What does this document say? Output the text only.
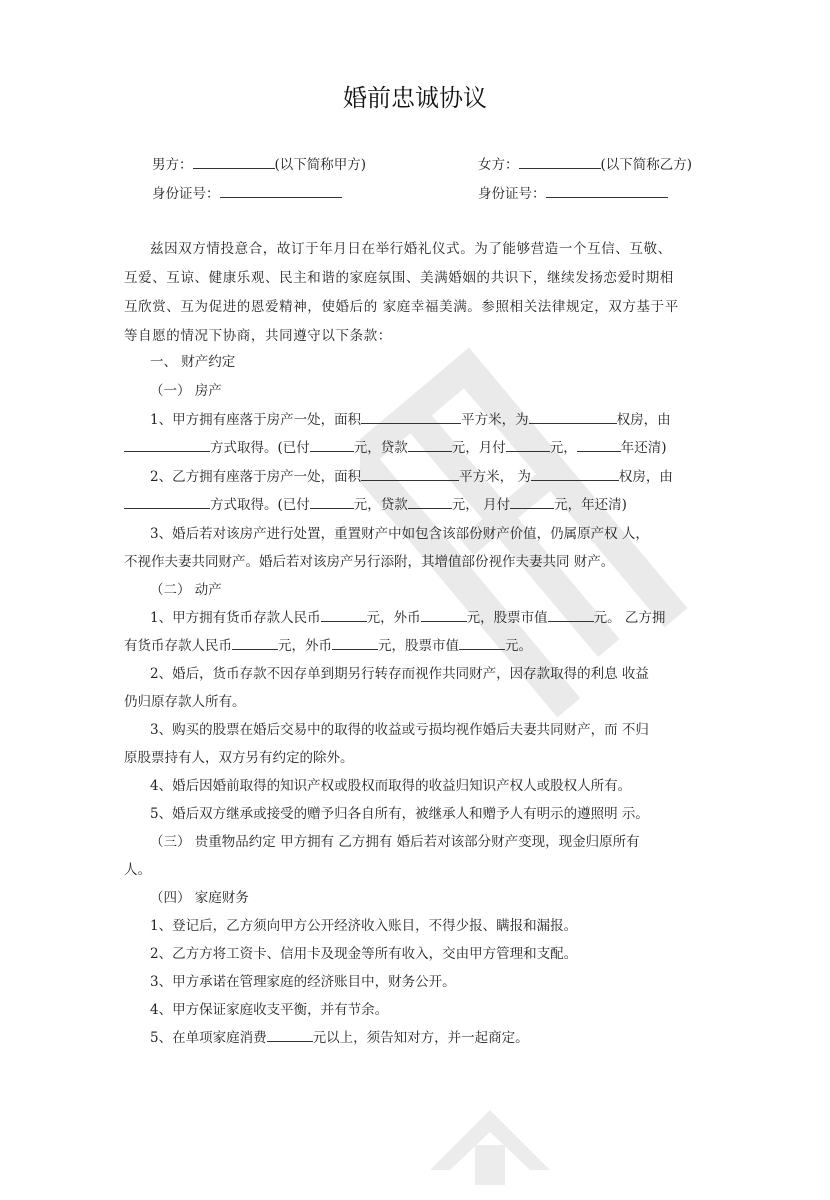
婚前忠诚协议
男方：	(以下简称甲方)	女方：	(以下简称乙方)
身份证号：	身份证号：
兹因双方情投意合，故订于年月日在举行婚礼仪式。为了能够营造一个互信、互敬、
互爱、互谅、健康乐观、民主和谐的家庭氛围、美满婚姻的共识下，继续发扬恋爱时期相
互欣赏、互为促进的恩爱精神，使婚后的 家庭幸福美满。参照相关法律规定，双方基于平
等自愿的情况下协商，共同遵守以下条款：
一、 财产约定
（一） 房产
1、甲方拥有座落于房产一处，面积	平方米，为	权房，由
方式取得。(已付	元，贷款	元，月付	元，	年还清)
2、乙方拥有座落于房产一处，面积	平方米， 为	权房，由
方式取得。(已付	元，贷款	元， 月付	元，年还清)
3、婚后若对该房产进行处置，重置财产中如包含该部份财产价值，仍属原产权 人，
不视作夫妻共同财产。婚后若对该房产另行添附，其增值部份视作夫妻共同 财产。
（二） 动产
1、甲方拥有货币存款人民币	元，外币	元，股票市值	元。 乙方拥
有货币存款人民币	元，外币	元，股票市值	元。
2、婚后，货币存款不因存单到期另行转存而视作共同财产，因存款取得的利息 收益
仍归原存款人所有。
3、购买的股票在婚后交易中的取得的收益或亏损均视作婚后夫妻共同财产，而 不归
原股票持有人，双方另有约定的除外。
4、婚后因婚前取得的知识产权或股权而取得的收益归知识产权人或股权人所有。
5、婚后双方继承或接受的赠予归各自所有，被继承人和赠予人有明示的遵照明 示。
（三） 贵重物品约定 甲方拥有 乙方拥有 婚后若对该部分财产变现，现金归原所有
人。
（四） 家庭财务
1、登记后，乙方须向甲方公开经济收入账目，不得少报、瞒报和漏报。
2、乙方方将工资卡、信用卡及现金等所有收入，交由甲方管理和支配。
3、甲方承诺在管理家庭的经济账目中，财务公开。
4、甲方保证家庭收支平衡，并有节余。
5、在单项家庭消费	元以上，须告知对方，并一起商定。
